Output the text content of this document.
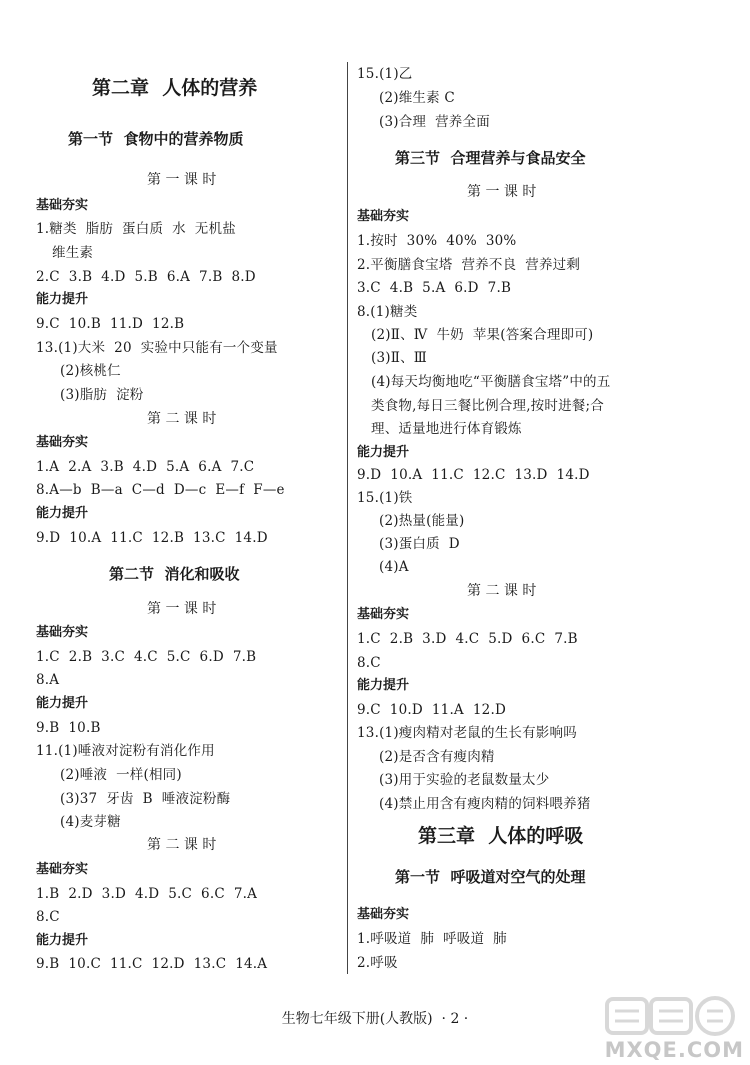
第二章  人体的营养
第一节  食物中的营养物质
第 一 课 时
基础夯实
1.糖类  脂肪  蛋白质  水  无机盐
维生素
2.C  3.B  4.D  5.B  6.A  7.B  8.D
能力提升
9.C  10.B  11.D  12.B
13.(1)大米  20  实验中只能有一个变量
(2)核桃仁
(3)脂肪  淀粉
第 二 课 时
基础夯实
1.A  2.A  3.B  4.D  5.A  6.A  7.C
8.A—b  B—a  C—d  D—c  E—f  F—e
能力提升
9.D  10.A  11.C  12.B  13.C  14.D
第二节  消化和吸收
第 一 课 时
基础夯实
1.C  2.B  3.C  4.C  5.C  6.D  7.B
8.A
能力提升
9.B  10.B
11.(1)唾液对淀粉有消化作用
(2)唾液  一样(相同)
(3)37  牙齿  B  唾液淀粉酶
(4)麦芽糖
第 二 课 时
基础夯实
1.B  2.D  3.D  4.D  5.C  6.C  7.A
8.C
能力提升
9.B  10.C  11.C  12.D  13.C  14.A
15.(1)乙
(2)维生素 C
(3)合理  营养全面
第三节  合理营养与食品安全
第 一 课 时
基础夯实
1.按时  30%  40%  30%
2.平衡膳食宝塔  营养不良  营养过剩
3.C  4.B  5.A  6.D  7.B
8.(1)糖类
(2)Ⅱ、Ⅳ  牛奶  苹果(答案合理即可)
(3)Ⅱ、Ⅲ
(4)每天均衡地吃“平衡膳食宝塔”中的五
类食物,每日三餐比例合理,按时进餐;合
理、适量地进行体育锻炼
能力提升
9.D  10.A  11.C  12.C  13.D  14.D
15.(1)铁
(2)热量(能量)
(3)蛋白质  D
(4)A
第 二 课 时
基础夯实
1.C  2.B  3.D  4.C  5.D  6.C  7.B
8.C
能力提升
9.C  10.D  11.A  12.D
13.(1)瘦肉精对老鼠的生长有影响吗
(2)是否含有瘦肉精
(3)用于实验的老鼠数量太少
(4)禁止用含有瘦肉精的饲料喂养猪
第三章  人体的呼吸
第一节  呼吸道对空气的处理
基础夯实
1.呼吸道  肺  呼吸道  肺
2.呼吸
生物七年级下册(人教版)  · 2 ·
MXQE.COM
